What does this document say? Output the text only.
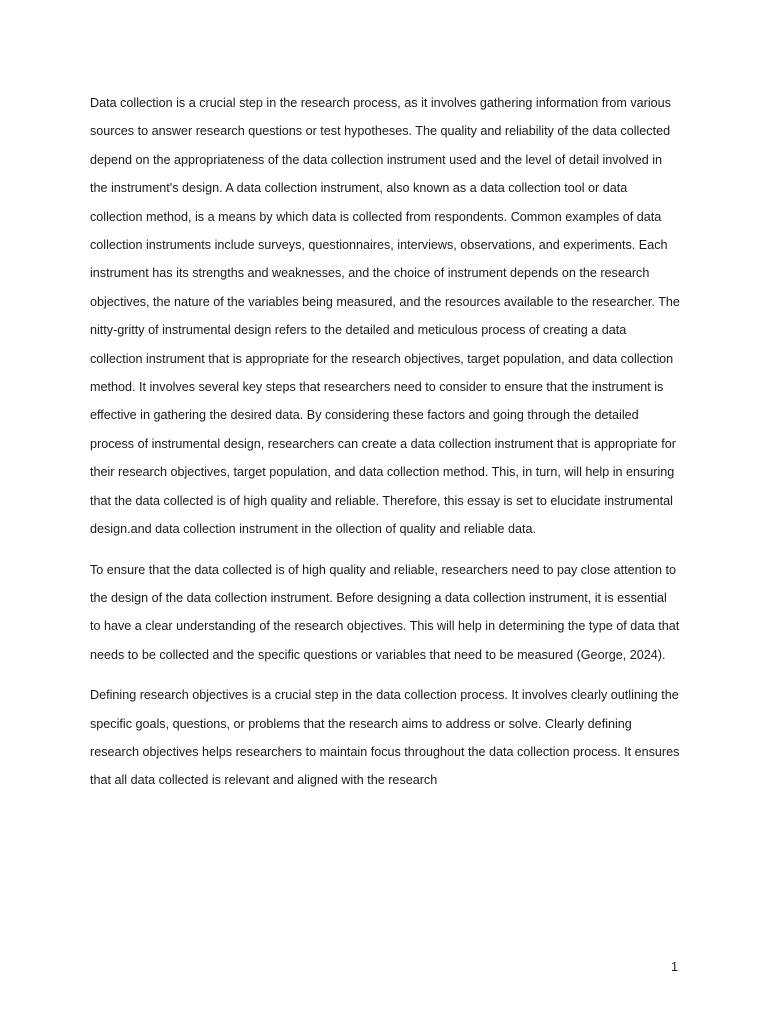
Data collection is a crucial step in the research process, as it involves gathering information from various sources to answer research questions or test hypotheses. The quality and reliability of the data collected depend on the appropriateness of the data collection instrument used and the level of detail involved in the instrument's design. A data collection instrument, also known as a data collection tool or data collection method, is a means by which data is collected from respondents. Common examples of data collection instruments include surveys, questionnaires, interviews, observations, and experiments. Each instrument has its strengths and weaknesses, and the choice of instrument depends on the research objectives, the nature of the variables being measured, and the resources available to the researcher. The nitty-gritty of instrumental design refers to the detailed and meticulous process of creating a data collection instrument that is appropriate for the research objectives, target population, and data collection method. It involves several key steps that researchers need to consider to ensure that the instrument is effective in gathering the desired data. By considering these factors and going through the detailed process of instrumental design, researchers can create a data collection instrument that is appropriate for their research objectives, target population, and data collection method. This, in turn, will help in ensuring that the data collected is of high quality and reliable. Therefore, this essay is set to elucidate instrumental design.and data collection instrument in the ollection of quality and reliable data.

To ensure that the data collected is of high quality and reliable, researchers need to pay close attention to the design of the data collection instrument. Before designing a data collection instrument, it is essential to have a clear understanding of the research objectives. This will help in determining the type of data that needs to be collected and the specific questions or variables that need to be measured (George, 2024).

Defining research objectives is a crucial step in the data collection process. It involves clearly outlining the specific goals, questions, or problems that the research aims to address or solve. Clearly defining research objectives helps researchers to maintain focus throughout the data collection process. It ensures that all data collected is relevant and aligned with the research

1
